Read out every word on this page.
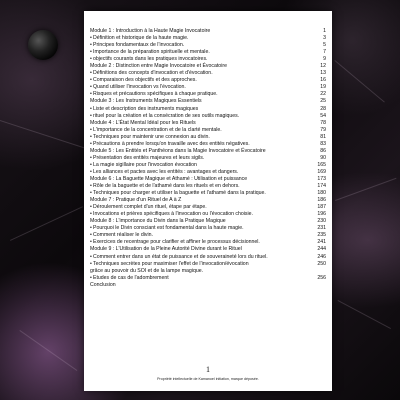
Module 1 : Introduction à la Haute Magie Invocatoire	1
• Définition et historique de la haute magie.	3
• Principes fondamentaux de l'invocation.	5
• Importance de la préparation spirituelle et mentale.	7
• objectifs courants dans les pratiques invocatoires.	9
Module 2 : Distinction entre Magie Invocatoire et Évocatoire	12
• Définitions des concepts d'invocation et d'évocation.	13
• Comparaison des objectifs et des approches.	16
• Quand utiliser l'invocation vs l'évocation.	19
• Risques et précautions spécifiques à chaque pratique.	22
Module 3 : Les Instruments Magiques Essentiels	25
• Liste et description des instruments magiques	28
• rituel pour la création et la consécration de ses outils magiques.	54
Module 4 : L'État Mental Idéal pour les Rituels	78
• L'importance de la concentration et de la clarté mentale.	79
• Techniques pour maintenir une connexion au divin.	81
• Précautions à prendre lorsqu'on travaille avec des entités négatives.	83
Module 5 : Les Entités et Panthéons dans la Magie Invocatoire et Évocatoire	86
• Présentation des entités majeures et leurs sigils.	90
• La magie sigillaire pour l'invocation évocation	165
• Les alliances et pactes avec les entités : avantages et dangers.	169
Module 6 : La Baguette Magique et Athamé : Utilisation et puissance	173
• Rôle de la baguette et de l'athamé dans les rituels et en dehors.	174
• Techniques pour charger et utiliser la baguette et l'athamé dans la pratique.	180
Module 7 : Pratique d'un Rituel de A à Z	186
• Déroulement complet d'un rituel, étape par étape.	187
• Invocations et prières spécifiques à l'invocation ou l'évocation choisie.	196
Module 8 : L'importance du Divin dans la Pratique Magique	230
• Pourquoi le Divin consciant est fondamental dans la haute magie.	231
• Comment réaliser le divin.	235
• Exercices de recentrage pour clarifier et affiner le processus décisionnel.	241
Module 9 : L'Utilisation de la Pleine Autorité Divine durant le Rituel	244
• Comment entrer dans un état de puissance et de souveraineté lors du rituel.	246
• Techniques secrètes pour maximiser l'effet de l'invocation/évocation	250
grâce au pouvoir du SOI et de la lampe magique.
• Etudes de cas de l'adombrement	256
Conclusion
1
Propriété intellectuelle de Kamanoel initiation, marque déposée.
